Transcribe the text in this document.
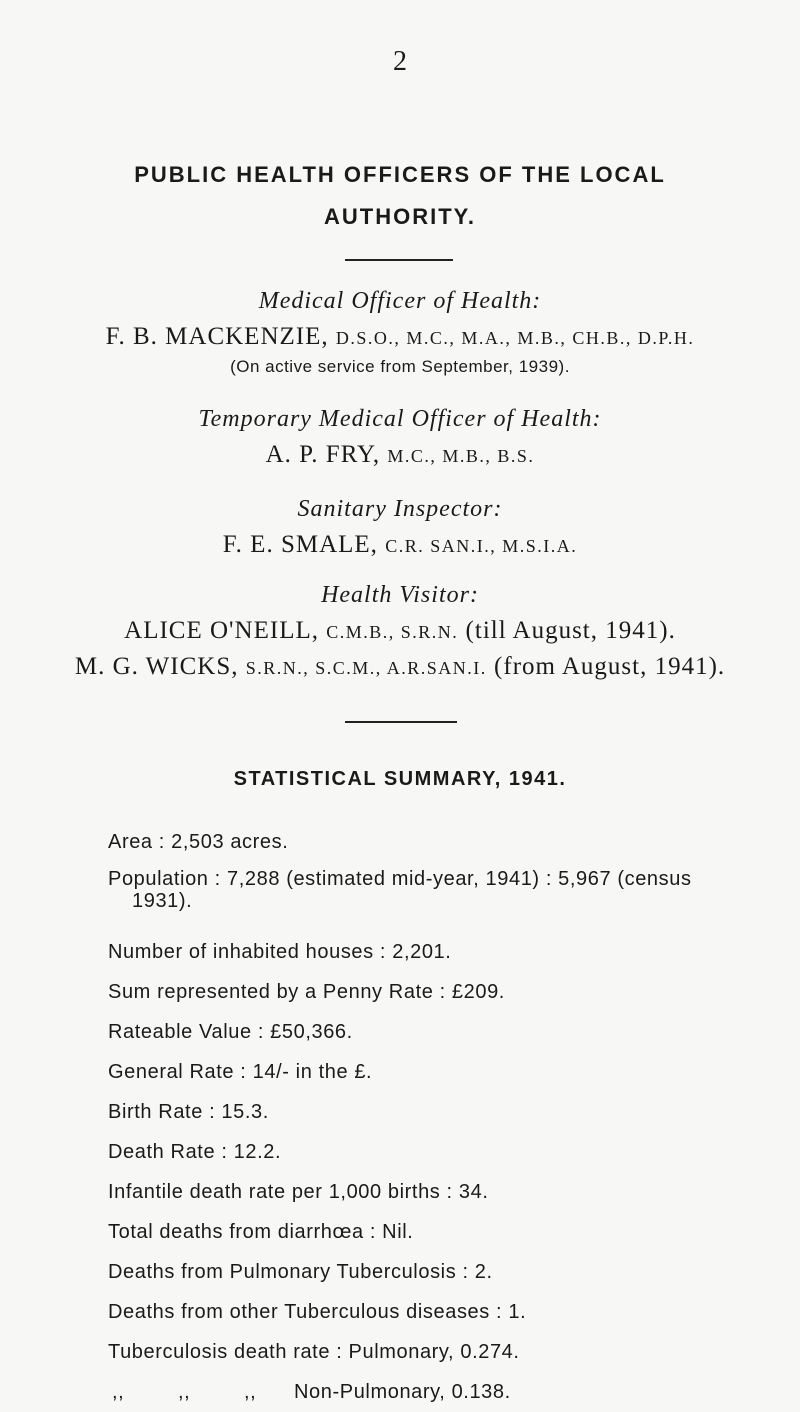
2
PUBLIC HEALTH OFFICERS OF THE LOCAL
AUTHORITY.
Medical Officer of Health:
F. B. MACKENZIE, D.S.O., M.C., M.A., M.B., CH.B., D.P.H.
(On active service from September, 1939).
Temporary Medical Officer of Health:
A. P. FRY, M.C., M.B., B.S.
Sanitary Inspector:
F. E. SMALE, C.R. SAN.I., M.S.I.A.
Health Visitor:
ALICE O'NEILL, C.M.B., S.R.N. (till August, 1941).
M. G. WICKS, S.R.N., S.C.M., A.R.SAN.I. (from August, 1941).
STATISTICAL SUMMARY, 1941.
Area : 2,503 acres.
Population : 7,288 (estimated mid-year, 1941) : 5,967 (census
1931).
Number of inhabited houses : 2,201.
Sum represented by a Penny Rate : £209.
Rateable Value : £50,366.
General Rate : 14/- in the £.
Birth Rate : 15.3.
Death Rate : 12.2.
Infantile death rate per 1,000 births : 34.
Total deaths from diarrhœa : Nil.
Deaths from Pulmonary Tuberculosis : 2.
Deaths from other Tuberculous diseases : 1.
Tuberculosis death rate : Pulmonary, 0.274.
,,	,,	,, Non-Pulmonary, 0.138.
